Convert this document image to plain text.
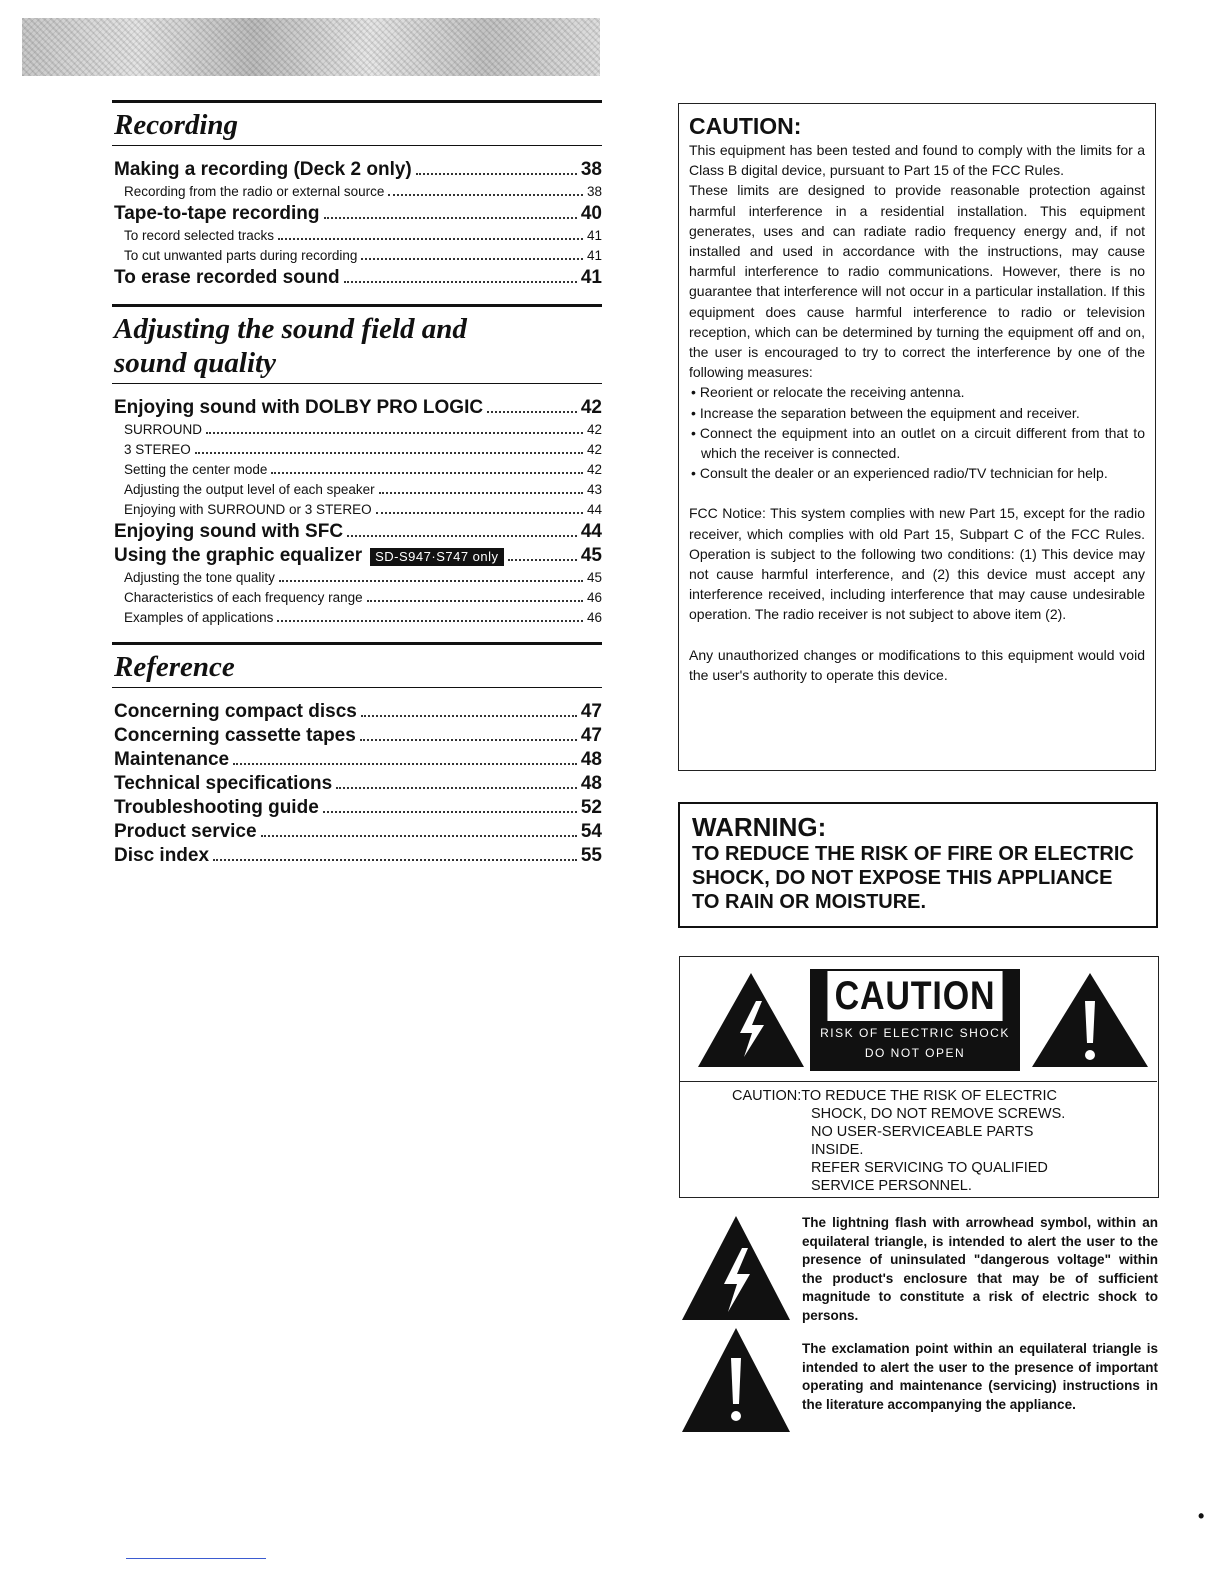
Recording
Making a recording (Deck 2 only)	38
Recording from the radio or external source	38
Tape-to-tape recording	40
To record selected tracks	41
To cut unwanted parts during recording	41
To erase recorded sound	41
Adjusting the sound field and
sound quality
Enjoying sound with DOLBY PRO LOGIC	42
SURROUND	42
3 STEREO	42
Setting the center mode	42
Adjusting the output level of each speaker	43
Enjoying with SURROUND or 3 STEREO	44
Enjoying sound with SFC	44
Using the graphic equalizer	SD-S947·S747 only	45
Adjusting the tone quality	45
Characteristics of each frequency range	46
Examples of applications	46
Reference
Concerning compact discs	47
Concerning cassette tapes	47
Maintenance	48
Technical specifications	48
Troubleshooting guide	52
Product service	54
Disc index	55
CAUTION:

This equipment has been tested and found to comply with the limits for a Class B digital device, pursuant to Part 15 of the FCC Rules.

These limits are designed to provide reasonable protection against harmful interference in a residential installation. This equipment generates, uses and can radiate radio frequency energy and, if not installed and used in accordance with the instructions, may cause harmful interference to radio communications. However, there is no guarantee that interference will not occur in a particular installation. If this equipment does cause harmful interference to radio or television reception, which can be determined by turning the equipment off and on, the user is encouraged to try to correct the interference by one of the following measures:

• Reorient or relocate the receiving antenna.
• Increase the separation between the equipment and receiver.
• Connect the equipment into an outlet on a circuit different from that to which the receiver is connected.
• Consult the dealer or an experienced radio/TV technician for help.

FCC Notice: This system complies with new Part 15, except for the radio receiver, which complies with old Part 15, Subpart C of the FCC Rules. Operation is subject to the following two conditions: (1) This device may not cause harmful interference, and (2) this device must accept any interference received, including interference that may cause undesirable operation. The radio receiver is not subject to above item (2).

Any unauthorized changes or modifications to this equipment would void the user's authority to operate this device.

WARNING:

TO REDUCE THE RISK OF FIRE OR ELECTRIC SHOCK, DO NOT EXPOSE THIS APPLIANCE TO RAIN OR MOISTURE.

CAUTION
RISK OF ELECTRIC SHOCK
DO NOT OPEN
CAUTION:TO REDUCE THE RISK OF ELECTRIC
SHOCK, DO NOT REMOVE SCREWS.
NO USER-SERVICEABLE PARTS
INSIDE.
REFER SERVICING TO QUALIFIED
SERVICE PERSONNEL.
The lightning flash with arrowhead symbol, within an equilateral triangle, is intended to alert the user to the presence of uninsulated "dangerous voltage" within the product's enclosure that may be of sufficient magnitude to constitute a risk of electric shock to persons.
The exclamation point within an equilateral triangle is intended to alert the user to the presence of important operating and maintenance (servicing) instructions in the literature accompanying the appliance.
•
